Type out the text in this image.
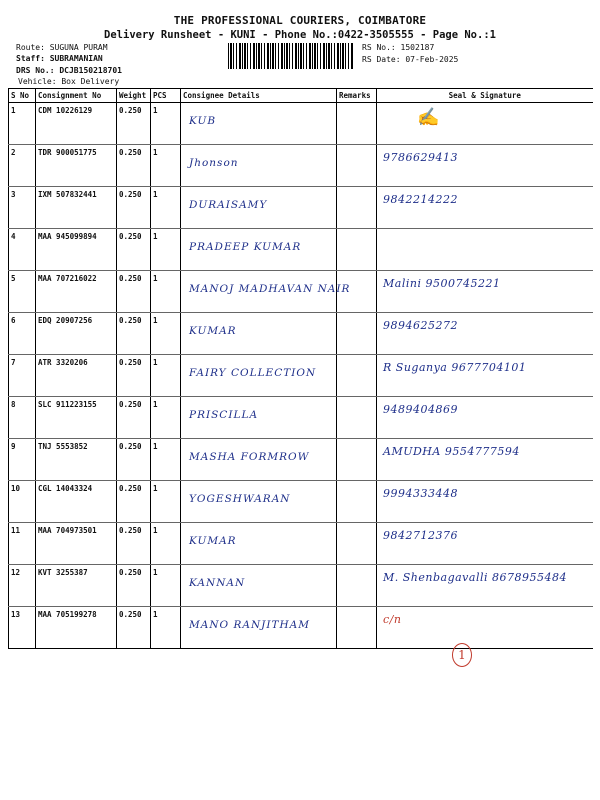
THE PROFESSIONAL COURIERS, COIMBATORE
Delivery Runsheet - KUNI - Phone No.:0422-3505555 - Page No.:1
Route: SUGUNA PURAM
Staff: SUBRAMANIAN
DRS No.: DCJB150218701
Vehicle: Box Delivery
RS No.: 1502187
RS Date: 07-Feb-2025
S No	Consignment No	Weight	PCS	Consignee Details	Remarks	Seal & Signature
1	CDM 10226129	0.250	1	KUB		✍

2	TDR 900051775	0.250	1	Jhonson		9786629413

3	IXM 507832441	0.250	1	DURAISAMY		9842214222

4	MAA 945099894	0.250	1	PRADEEP KUMAR		

5	MAA 707216022	0.250	1	MANOJ MADHAVAN NAIR		Malini 9500745221

6	EDQ 20907256	0.250	1	KUMAR		9894625272

7	ATR 3320206	0.250	1	FAIRY COLLECTION		R Suganya 9677704101

8	SLC 911223155	0.250	1	PRISCILLA		9489404869

9	TNJ 5553852	0.250	1	MASHA FORMROW		AMUDHA 9554777594

10	CGL 14043324	0.250	1	YOGESHWARAN		9994333448

11	MAA 704973501	0.250	1	KUMAR		9842712376

12	KVT 3255387	0.250	1	KANNAN		M. Shenbagavalli 8678955484

13	MAA 705199278	0.250	1	MANO RANJITHAM		c/n
1
